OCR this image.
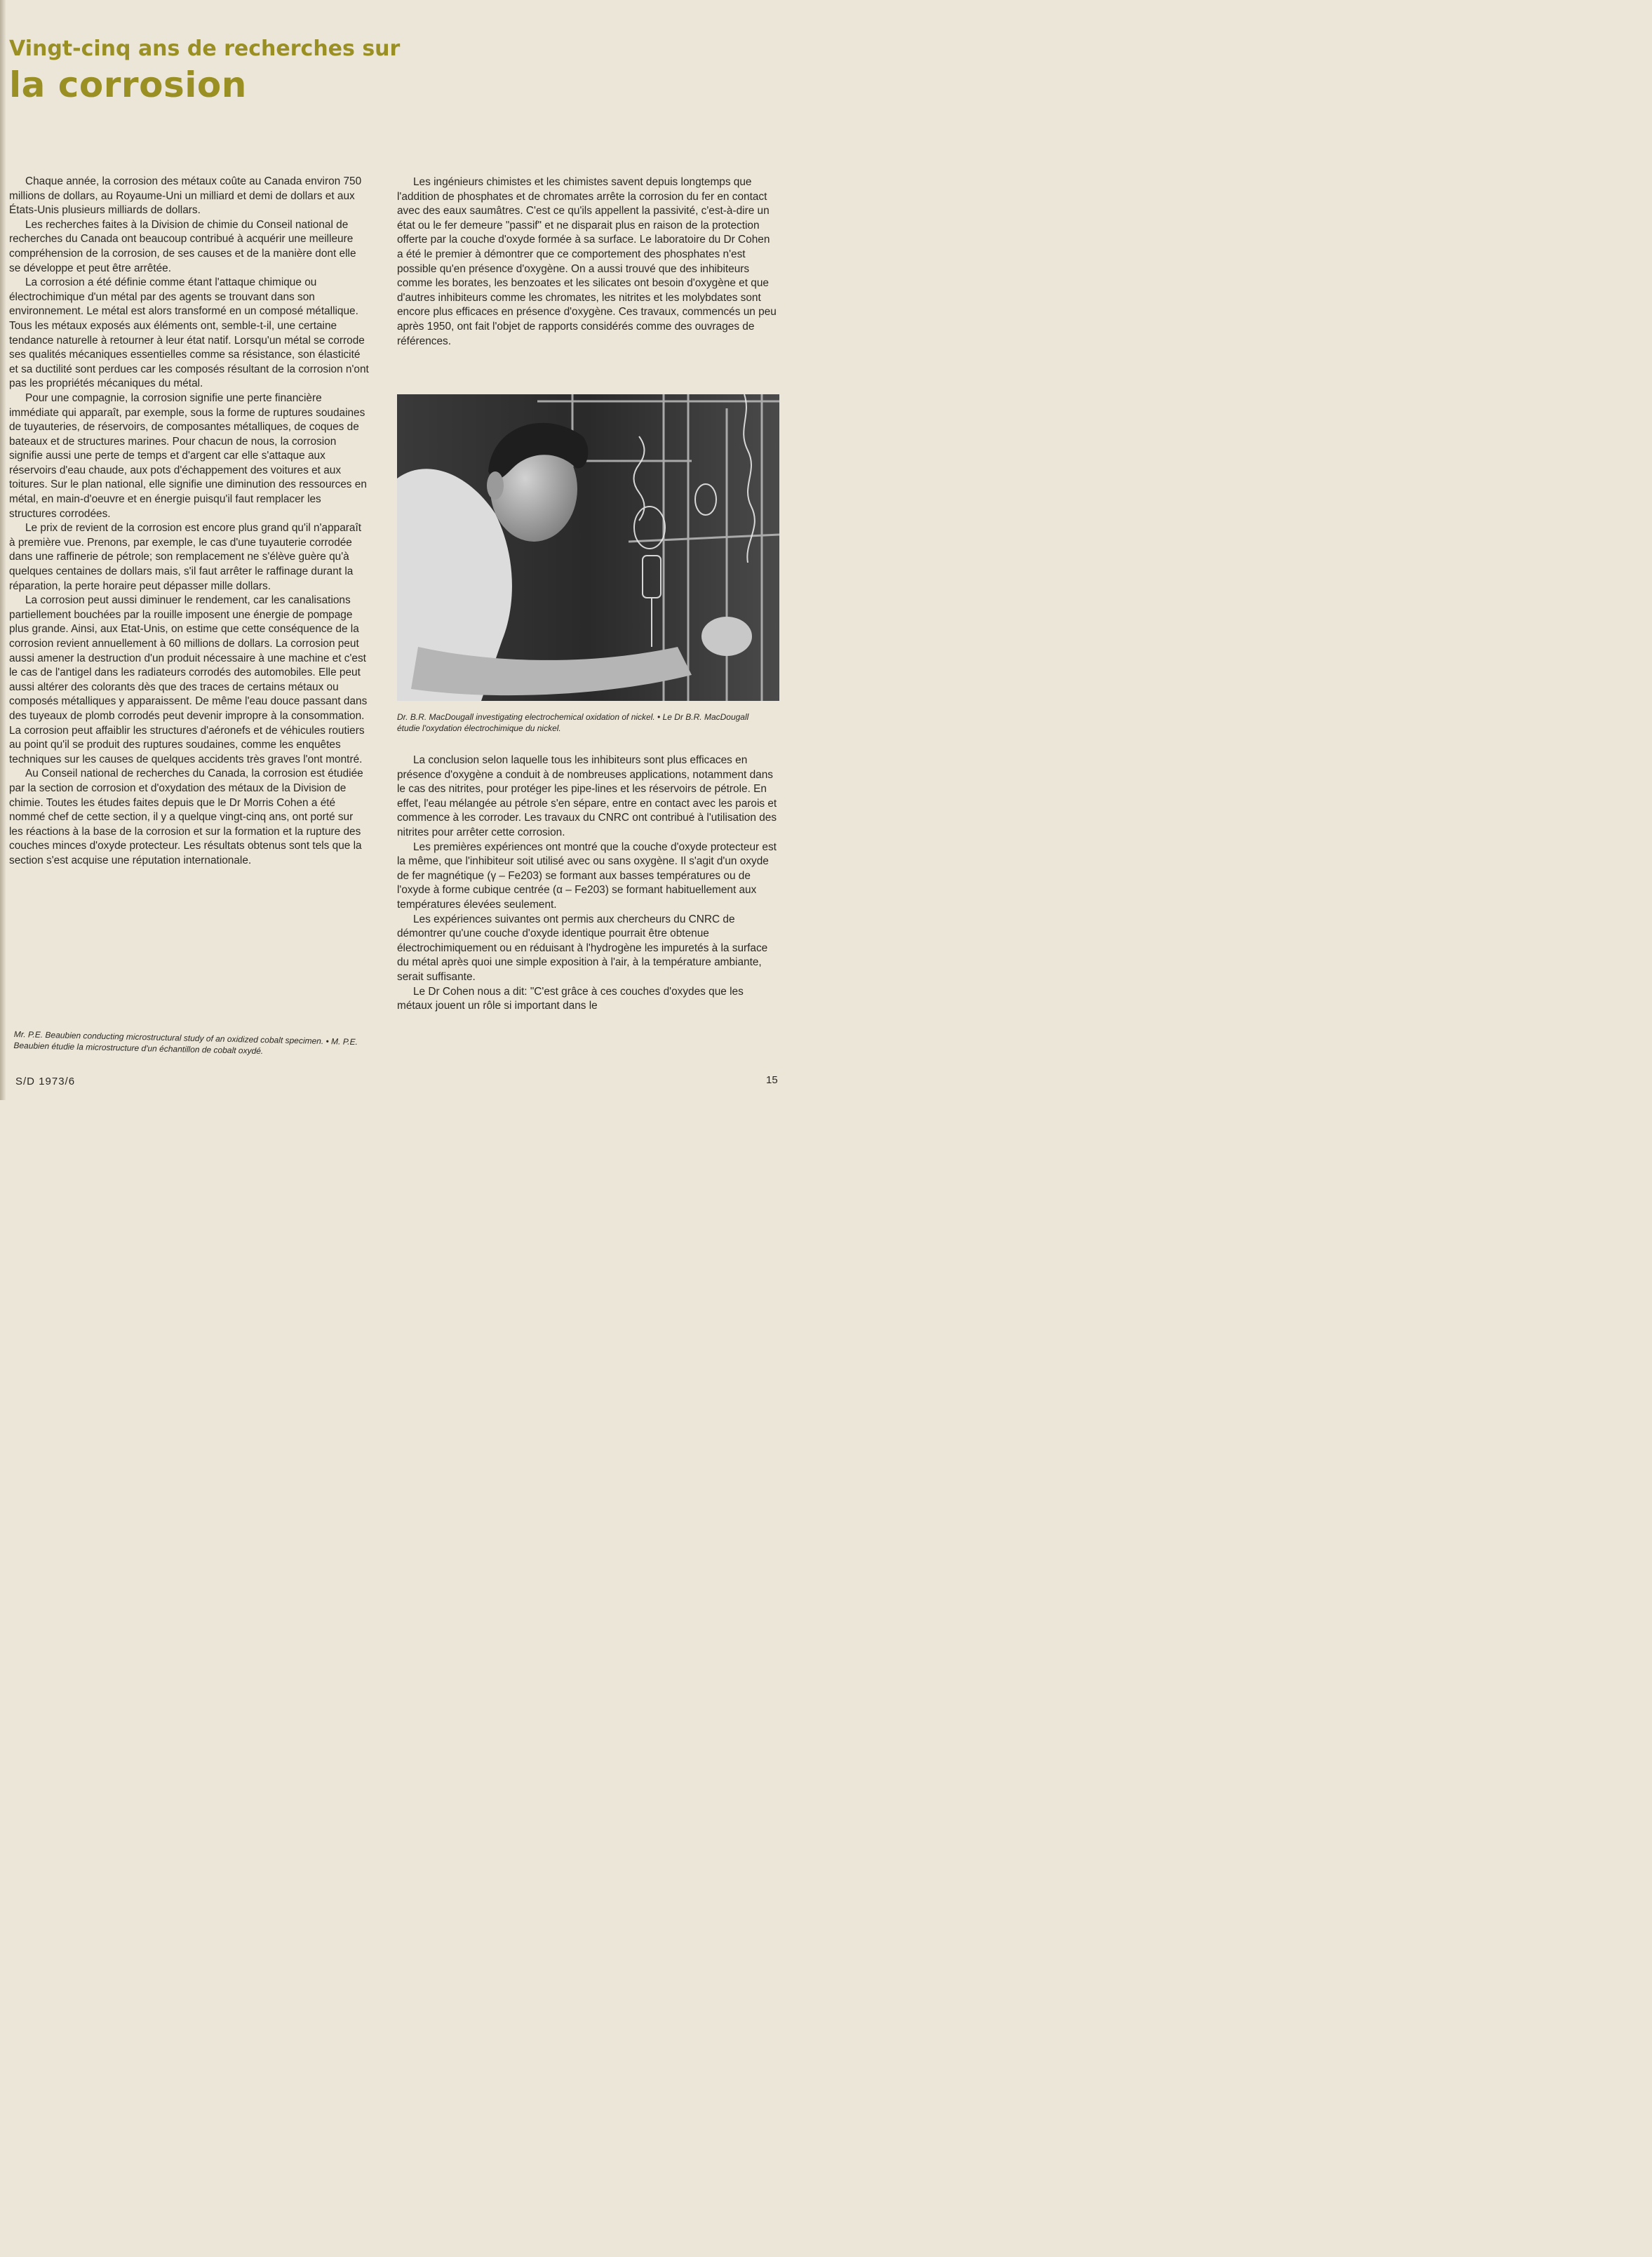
Vingt-cinq ans de recherches sur
la corrosion

Chaque année, la corrosion des métaux coûte au Canada environ 750 millions de dollars, au Royaume-Uni un milliard et demi de dollars et aux États-Unis plusieurs milliards de dollars.

Les recherches faites à la Division de chimie du Conseil national de recherches du Canada ont beaucoup contribué à acquérir une meilleure compréhension de la corrosion, de ses causes et de la manière dont elle se développe et peut être arrêtée.

La corrosion a été définie comme étant l'attaque chimique ou électrochimique d'un métal par des agents se trouvant dans son environnement. Le métal est alors transformé en un composé métallique. Tous les métaux exposés aux éléments ont, semble-t-il, une certaine tendance naturelle à retourner à leur état natif. Lorsqu'un métal se corrode ses qualités mécaniques essentielles comme sa résistance, son élasticité et sa ductilité sont perdues car les composés résultant de la corrosion n'ont pas les propriétés mécaniques du métal.

Pour une compagnie, la corrosion signifie une perte financière immédiate qui apparaît, par exemple, sous la forme de ruptures soudaines de tuyauteries, de réservoirs, de composantes métalliques, de coques de bateaux et de structures marines. Pour chacun de nous, la corrosion signifie aussi une perte de temps et d'argent car elle s'attaque aux réservoirs d'eau chaude, aux pots d'échappement des voitures et aux toitures. Sur le plan national, elle signifie une diminution des ressources en métal, en main-d'oeuvre et en énergie puisqu'il faut remplacer les structures corrodées.

Le prix de revient de la corrosion est encore plus grand qu'il n'apparaît à première vue. Prenons, par exemple, le cas d'une tuyauterie corrodée dans une raffinerie de pétrole; son remplacement ne s'élève guère qu'à quelques centaines de dollars mais, s'il faut arrêter le raffinage durant la réparation, la perte horaire peut dépasser mille dollars.

La corrosion peut aussi diminuer le rendement, car les canalisations partiellement bouchées par la rouille imposent une énergie de pompage plus grande. Ainsi, aux Etat-Unis, on estime que cette conséquence de la corrosion revient annuellement à 60 millions de dollars. La corrosion peut aussi amener la destruction d'un produit nécessaire à une machine et c'est le cas de l'antigel dans les radiateurs corrodés des automobiles. Elle peut aussi altérer des colorants dès que des traces de certains métaux ou composés métalliques y apparaissent. De même l'eau douce passant dans des tuyeaux de plomb corrodés peut devenir impropre à la consommation. La corrosion peut affaiblir les structures d'aéronefs et de véhicules routiers au point qu'il se produit des ruptures soudaines, comme les enquêtes techniques sur les causes de quelques accidents très graves l'ont montré.

Au Conseil national de recherches du Canada, la corrosion est étudiée par la section de corrosion et d'oxydation des métaux de la Division de chimie. Toutes les études faites depuis que le Dr Morris Cohen a été nommé chef de cette section, il y a quelque vingt-cinq ans, ont porté sur les réactions à la base de la corrosion et sur la formation et la rupture des couches minces d'oxyde protecteur. Les résultats obtenus sont tels que la section s'est acquise une réputation internationale.

Les ingénieurs chimistes et les chimistes savent depuis longtemps que l'addition de phosphates et de chromates arrête la corrosion du fer en contact avec des eaux saumâtres. C'est ce qu'ils appellent la passivité, c'est-à-dire un état ou le fer demeure "passif" et ne disparait plus en raison de la protection offerte par la couche d'oxyde formée à sa surface. Le laboratoire du Dr Cohen a été le premier à démontrer que ce comportement des phosphates n'est possible qu'en présence d'oxygène. On a aussi trouvé que des inhibiteurs comme les borates, les benzoates et les silicates ont besoin d'oxygène et que d'autres inhibiteurs comme les chromates, les nitrites et les molybdates sont encore plus efficaces en présence d'oxygène. Ces travaux, commencés un peu après 1950, ont fait l'objet de rapports considérés comme des ouvrages de références.

Dr. B.R. MacDougall investigating electrochemical oxidation of nickel. • Le Dr B.R. MacDougall étudie l'oxydation électrochimique du nickel.

La conclusion selon laquelle tous les inhibiteurs sont plus efficaces en présence d'oxygène a conduit à de nombreuses applications, notamment dans le cas des nitrites, pour protéger les pipe-lines et les réservoirs de pétrole. En effet, l'eau mélangée au pétrole s'en sépare, entre en contact avec les parois et commence à les corroder. Les travaux du CNRC ont contribué à l'utilisation des nitrites pour arrêter cette corrosion.

Les premières expériences ont montré que la couche d'oxyde protecteur est la même, que l'inhibiteur soit utilisé avec ou sans oxygène. Il s'agit d'un oxyde de fer magnétique (γ – Fe203) se formant aux basses températures ou de l'oxyde à forme cubique centrée (α – Fe203) se formant habituellement aux températures élevées seulement.

Les expériences suivantes ont permis aux chercheurs du CNRC de démontrer qu'une couche d'oxyde identique pourrait être obtenue électrochimiquement ou en réduisant à l'hydrogène les impuretés à la surface du métal après quoi une simple exposition à l'air, à la température ambiante, serait suffisante.

Le Dr Cohen nous a dit: "C'est grâce à ces couches d'oxydes que les métaux jouent un rôle si important dans le

Mr. P.E. Beaubien conducting microstructural study of an oxidized cobalt specimen. • M. P.E. Beaubien étudie la microstructure d'un échantillon de cobalt oxydé.
S/D 1973/6	15
